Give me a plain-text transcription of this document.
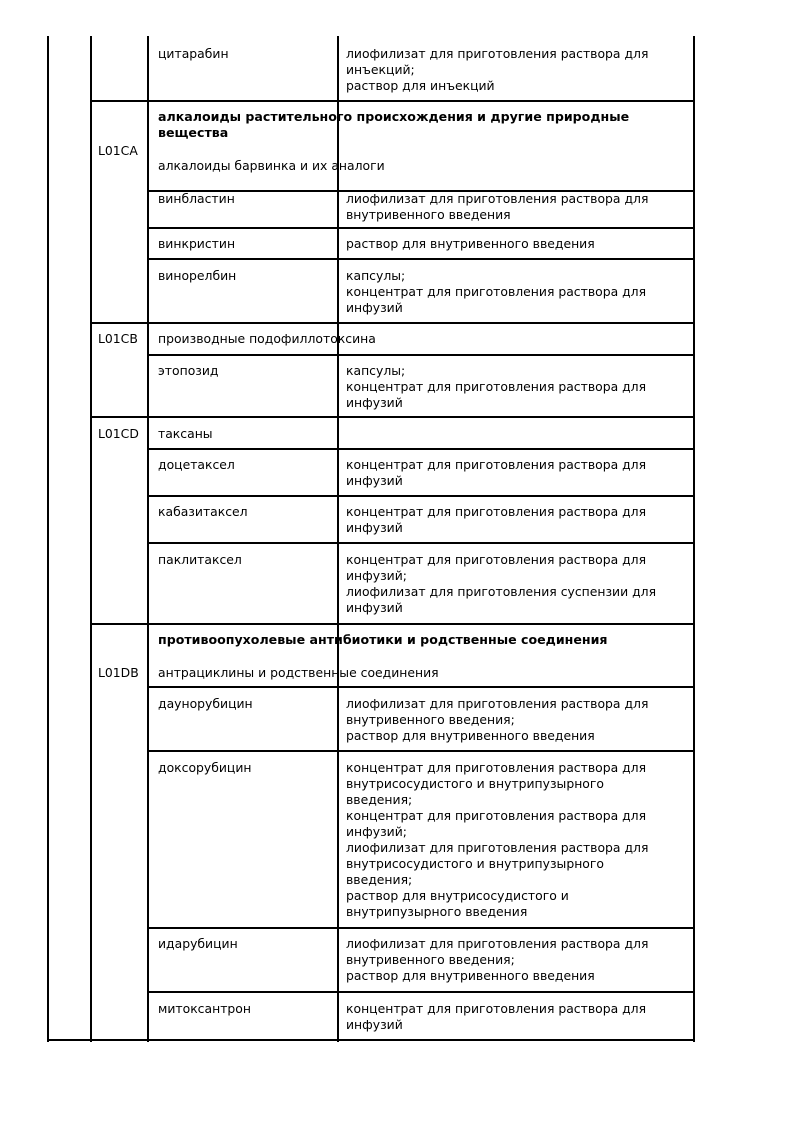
цитарабин	лиофилизат для приготовления раствора для
инъекций;
раствор для инъекций
L01CA
алкалоиды растительного происхождения и другие природные
вещества
алкалоиды барвинка и их аналоги
винбластин	лиофилизат для приготовления раствора для
внутривенного введения
винкристин	раствор для внутривенного введения
винорелбин	капсулы;
концентрат для приготовления раствора для
инфузий
L01CB производные подофиллотоксина
этопозид	капсулы;
концентрат для приготовления раствора для
инфузий
L01CD таксаны
доцетаксел	концентрат для приготовления раствора для
инфузий
кабазитаксел	концентрат для приготовления раствора для
инфузий
паклитаксел	концентрат для приготовления раствора для
инфузий;
лиофилизат для приготовления суспензии для
инфузий
L01DB
противоопухолевые антибиотики и родственные соединения
антрациклины и родственные соединения
даунорубицин	лиофилизат для приготовления раствора для
внутривенного введения;
раствор для внутривенного введения
доксорубицин	концентрат для приготовления раствора для
внутрисосудистого и внутрипузырного
введения;
концентрат для приготовления раствора для
инфузий;
лиофилизат для приготовления раствора для
внутрисосудистого и внутрипузырного
введения;
раствор для внутрисосудистого и
внутрипузырного введения
идарубицин	лиофилизат для приготовления раствора для
внутривенного введения;
раствор для внутривенного введения
митоксантрон	концентрат для приготовления раствора для
инфузий
